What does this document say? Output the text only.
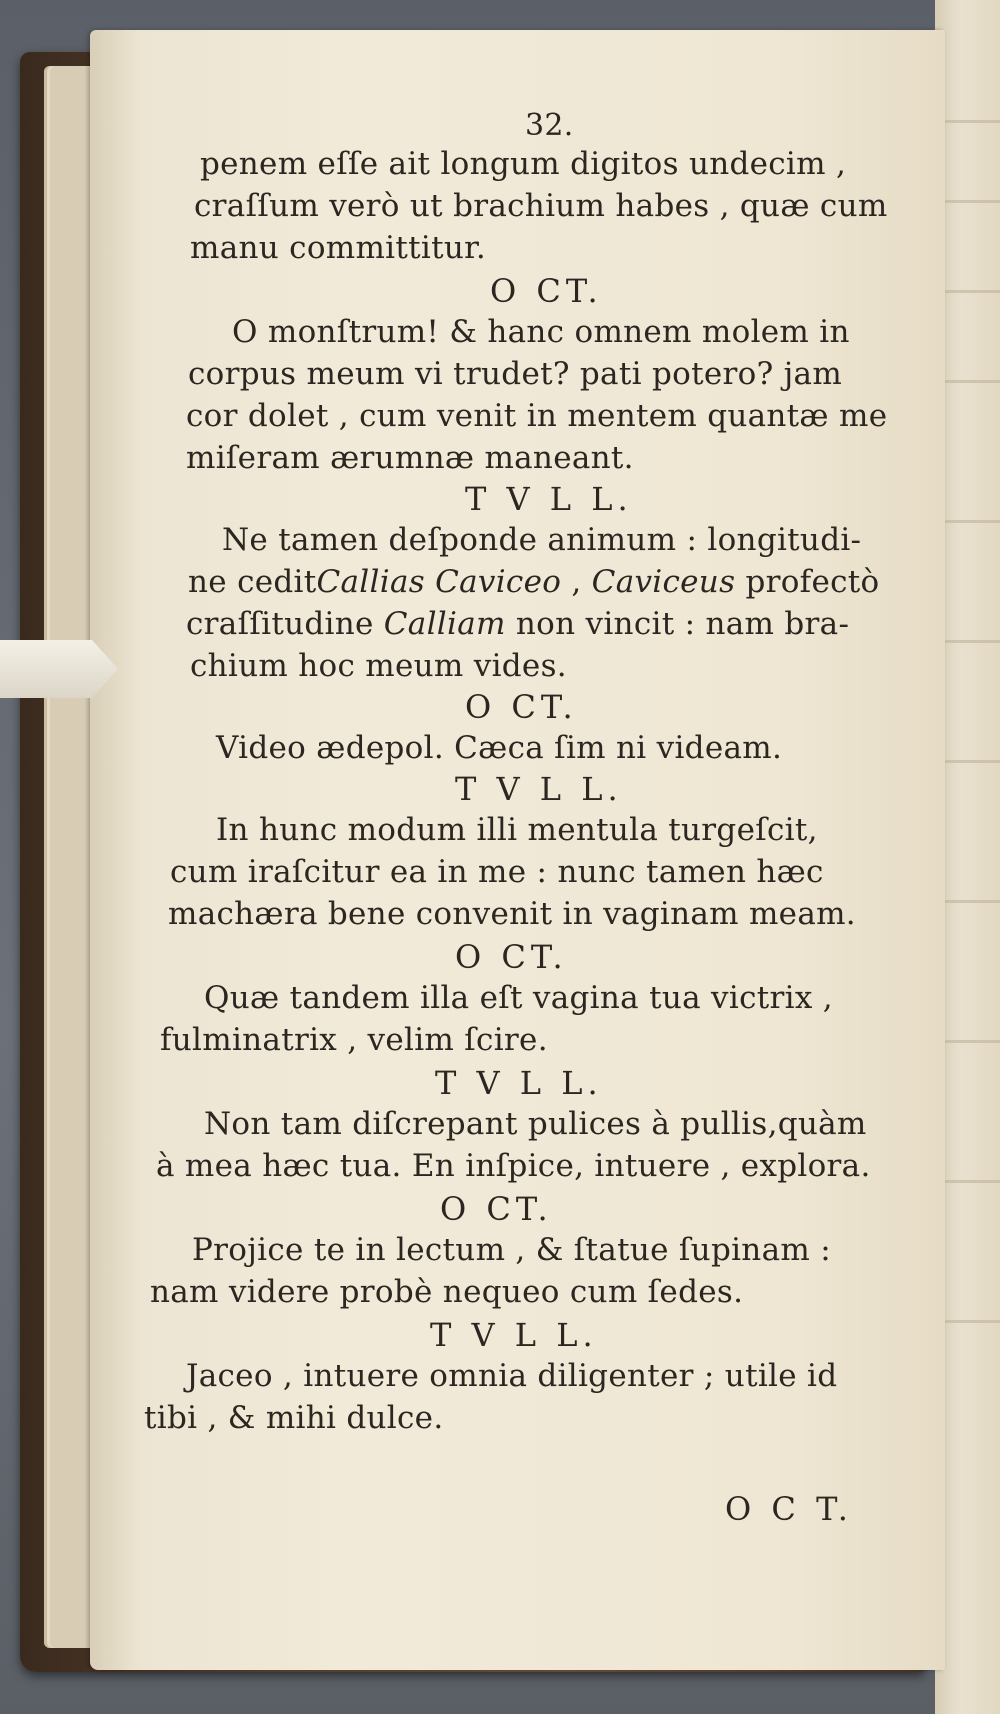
32.
penem eſſe ait longum digitos undecim ,
craſſum verò ut brachium habes , quæ cum
manu committitur.
O CT.
O monſtrum! & hanc omnem molem in
corpus meum vi trudet? pati potero? jam
cor dolet , cum venit in mentem quantæ me
miſeram ærumnæ maneant.
T V L L.
Ne tamen deſponde animum : longitudi-
ne ceditCallias Caviceo , Caviceus profectò
craſſitudine Calliam non vincit : nam bra-
chium hoc meum vides.
O CT.
Video ædepol. Cæca ſim ni videam.
T V L L.
In hunc modum illi mentula turgeſcit,
cum iraſcitur ea in me : nunc tamen hæc
machæra bene convenit in vaginam meam.
O CT.
Quæ tandem illa eſt vagina tua victrix ,
fulminatrix , velim ſcire.
T V L L.
Non tam diſcrepant pulices à pullis,quàm
à mea hæc tua. En inſpice, intuere , explora.
O CT.
Projice te in lectum , & ſtatue ſupinam :
nam videre probè nequeo cum ſedes.
T V L L.
Jaceo , intuere omnia diligenter ; utile id
tibi , & mihi dulce.
O C T.
